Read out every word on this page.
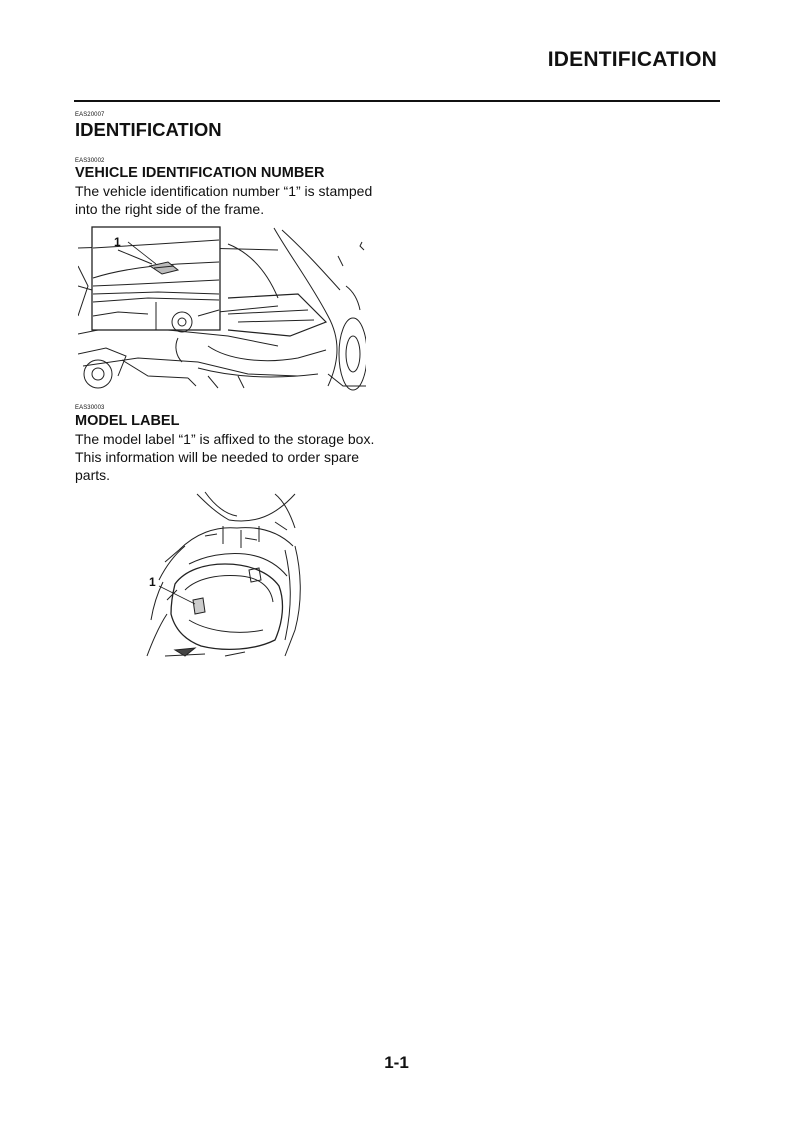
IDENTIFICATION
EAS20007
IDENTIFICATION
EAS30002
VEHICLE IDENTIFICATION NUMBER
The vehicle identification number “1” is stamped
into the right side of the frame.
1
EAS30003
MODEL LABEL
The model label “1” is affixed to the storage box.
This information will be needed to order spare
parts.
1
1-1
